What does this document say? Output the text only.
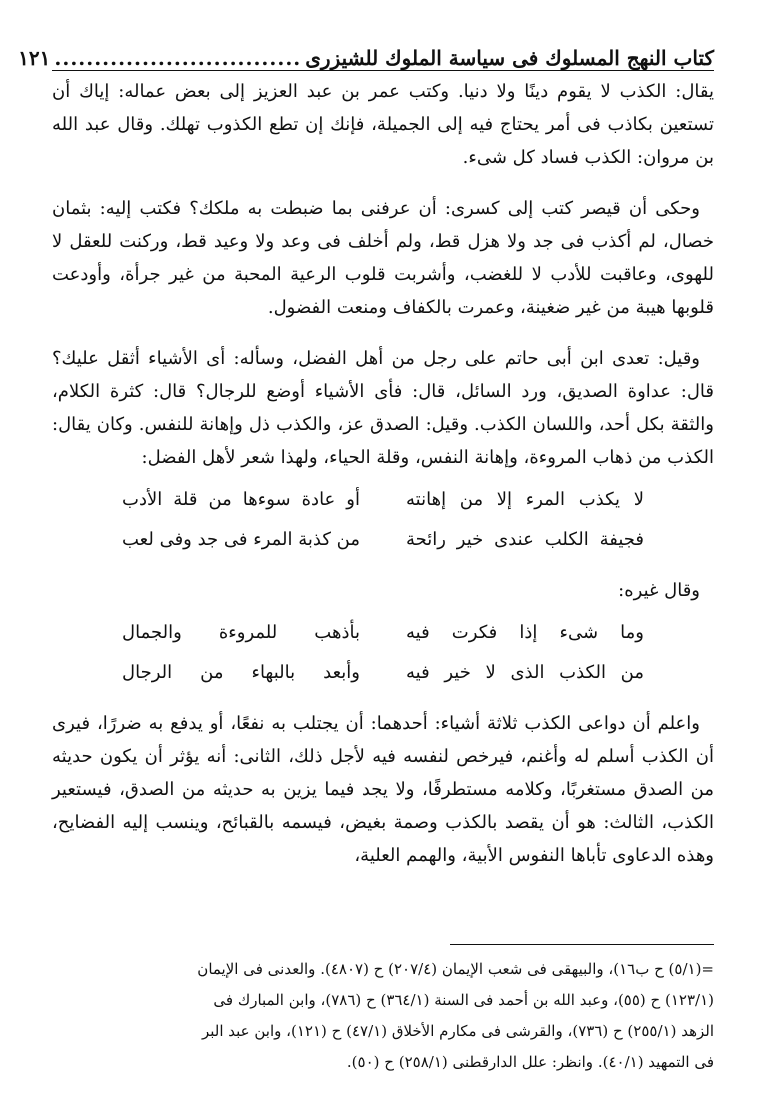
كتاب النهج المسلوك فى سياسة الملوك للشيزرى
...............................
١٢١

يقال: الكذب لا يقوم دينًا ولا دنيا. وكتب عمر بن عبد العزيز إلى بعض عماله: إياك أن تستعين بكاذب فى أمر يحتاج فيه إلى الجميلة، فإنك إن تطع الكذوب تهلك. وقال عبد الله بن مروان: الكذب فساد كل شىء.

وحكى أن قيصر كتب إلى كسرى: أن عرفنى بما ضبطت به ملكك؟ فكتب إليه: بثمان خصال، لم أكذب فى جد ولا هزل قط، ولم أخلف فى وعد ولا وعيد قط، وركنت للعقل لا للهوى، وعاقبت للأدب لا للغضب، وأشربت قلوب الرعية المحبة من غير جرأة، وأودعت قلوبها هيبة من غير ضغينة، وعمرت بالكفاف ومنعت الفضول.

وقيل: تعدى ابن أبى حاتم على رجل من أهل الفضل، وسأله: أى الأشياء أثقل عليك؟ قال: عداوة الصديق، ورد السائل، قال: فأى الأشياء أوضع للرجال؟ قال: كثرة الكلام، والثقة بكل أحد، واللسان الكذب. وقيل: الصدق عز، والكذب ذل وإهانة للنفس. وكان يقال: الكذب من ذهاب المروءة، وإهانة النفس، وقلة الحياء، ولهذا شعر لأهل الفضل:

لا يكذب المرء إلا من إهانته
أو عادة سوءها من قلة الأدب
فجيفة الكلب عندى خير رائحة
من كذبة المرء فى جد وفى لعب

وقال غيره:

وما شىء إذا فكرت فيه
بأذهب للمروءة والجمال
من الكذب الذى لا خير فيه
وأبعد بالبهاء من الرجال

واعلم أن دواعى الكذب ثلاثة أشياء: أحدهما: أن يجتلب به نفعًا، أو يدفع به ضررًا، فيرى أن الكذب أسلم له وأغنم، فيرخص لنفسه فيه لأجل ذلك، الثانى: أنه يؤثر أن يكون حديثه من الصدق مستغربًا، وكلامه مستطرفًا، ولا يجد فيما يزين به حديثه من الصدق، فيستعير الكذب، الثالث: هو أن يقصد بالكذب وصمة بغيض، فيسمه بالقبائح، وينسب إليه الفضايح، وهذه الدعاوى تأباها النفوس الأبية، والهمم العلية،

=(٥/١) ح ب١٦)، والبيهقى فى شعب الإيمان (٢٠٧/٤) ح (٤٨٠٧). والعدنى فى الإيمان

(١٢٣/١) ح (٥٥)، وعبد الله بن أحمد فى السنة (٣٦٤/١) ح (٧٨٦)، وابن المبارك فى

الزهد (٢٥٥/١) ح (٧٣٦)، والقرشى فى مكارم الأخلاق (٤٧/١) ح (١٢١)، وابن عبد البر

فى التمهيد (٤٠/١). وانظر: علل الدارقطنى (٢٥٨/١) ح (٥٠).
